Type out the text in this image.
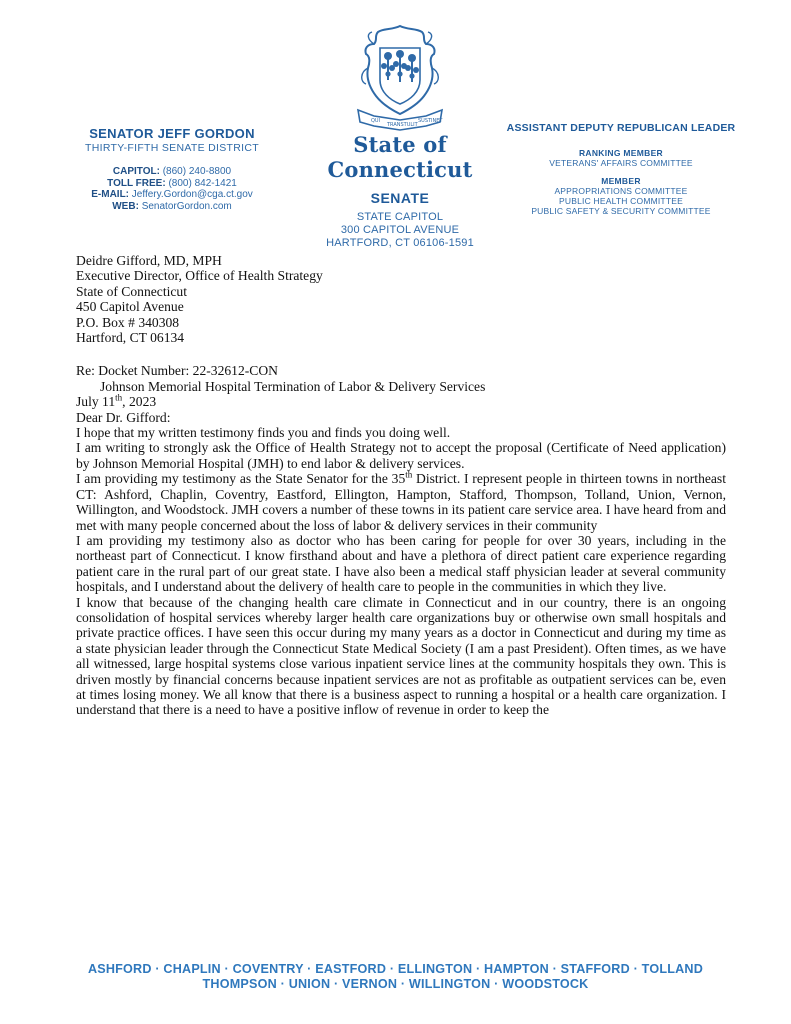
SENATOR JEFF GORDON
THIRTY-FIFTH SENATE DISTRICT
CAPITOL: (860) 240-8800
TOLL FREE: (800) 842-1421
E-MAIL: Jeffery.Gordon@cga.ct.gov
WEB: SenatorGordon.com
QUI
TRANSTULIT
SUSTINET
State of Connecticut
SENATE
STATE CAPITOL
300 CAPITOL AVENUE
HARTFORD, CT 06106-1591
ASSISTANT DEPUTY REPUBLICAN LEADER
RANKING MEMBER
VETERANS' AFFAIRS COMMITTEE
MEMBER
APPROPRIATIONS COMMITTEE
PUBLIC HEALTH COMMITTEE
PUBLIC SAFETY & SECURITY COMMITTEE

Deidre Gifford, MD, MPH

Executive Director, Office of Health Strategy

State of Connecticut

450 Capitol Avenue

P.O. Box # 340308

Hartford, CT 06134

Re: Docket Number: 22-32612-CON

Johnson Memorial Hospital Termination of Labor & Delivery Services

July 11th, 2023

Dear Dr. Gifford:

I hope that my written testimony finds you and finds you doing well.

I am writing to strongly ask the Office of Health Strategy not to accept the proposal (Certificate of Need application) by Johnson Memorial Hospital (JMH) to end labor & delivery services.

I am providing my testimony as the State Senator for the 35th District. I represent people in thirteen towns in northeast CT: Ashford, Chaplin, Coventry, Eastford, Ellington, Hampton, Stafford, Thompson, Tolland, Union, Vernon, Willington, and Woodstock. JMH covers a number of these towns in its patient care service area. I have heard from and met with many people concerned about the loss of labor & delivery services in their community

I am providing my testimony also as doctor who has been caring for people for over 30 years, including in the northeast part of Connecticut. I know firsthand about and have a plethora of direct patient care experience regarding patient care in the rural part of our great state. I have also been a medical staff physician leader at several community hospitals, and I understand about the delivery of health care to people in the communities in which they live.

I know that because of the changing health care climate in Connecticut and in our country, there is an ongoing consolidation of hospital services whereby larger health care organizations buy or otherwise own small hospitals and private practice offices. I have seen this occur during my many years as a doctor in Connecticut and during my time as a state physician leader through the Connecticut State Medical Society (I am a past President). Often times, as we have all witnessed, large hospital systems close various inpatient service lines at the community hospitals they own. This is driven mostly by financial concerns because inpatient services are not as profitable as outpatient services can be, even at times losing money. We all know that there is a business aspect to running a hospital or a health care organization. I understand that there is a need to have a positive inflow of revenue in order to keep the

ASHFORD · CHAPLIN · COVENTRY · EASTFORD · ELLINGTON · HAMPTON · STAFFORD · TOLLAND
THOMPSON · UNION · VERNON · WILLINGTON · WOODSTOCK
